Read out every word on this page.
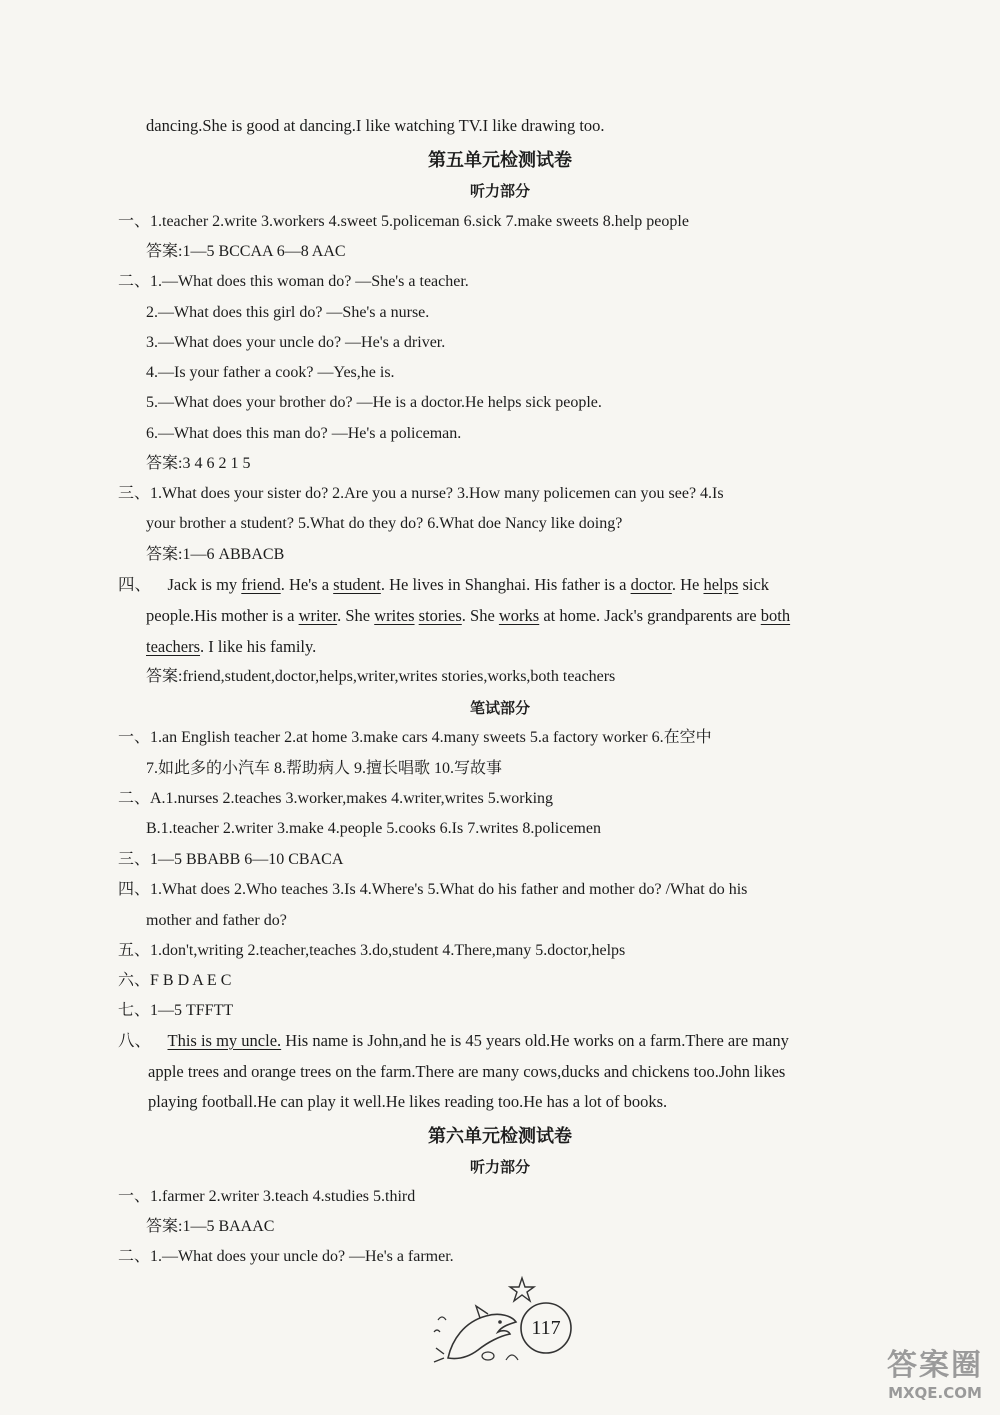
dancing.She is good at dancing.I like watching TV.I like drawing too.
第五单元检测试卷
听力部分
一、1.teacher 2.write 3.workers 4.sweet 5.policeman 6.sick 7.make sweets 8.help people
答案:1—5 BCCAA 6—8 AAC
二、1.—What does this woman do? —She's a teacher.
2.—What does this girl do? —She's a nurse.
3.—What does your uncle do? —He's a driver.
4.—Is your father a cook? —Yes,he is.
5.—What does your brother do? —He is a doctor.He helps sick people.
6.—What does this man do? —He's a policeman.
答案:3 4 6 2 1 5
三、1.What does your sister do? 2.Are you a nurse? 3.How many policemen can you see? 4.Is
your brother a student? 5.What do they do? 6.What doe Nancy like doing?
答案:1—6 ABBACB
四、 Jack is my friend. He's a student. He lives in Shanghai. His father is a doctor. He helps sick
people.His mother is a writer. She writes stories. She works at home. Jack's grandparents are both
teachers. I like his family.
答案:friend,student,doctor,helps,writer,writes stories,works,both teachers
笔试部分
一、1.an English teacher 2.at home 3.make cars 4.many sweets 5.a factory worker 6.在空中
7.如此多的小汽车 8.帮助病人 9.擅长唱歌 10.写故事
二、A.1.nurses 2.teaches 3.worker,makes 4.writer,writes 5.working
B.1.teacher 2.writer 3.make 4.people 5.cooks 6.Is 7.writes 8.policemen
三、1—5 BBABB 6—10 CBACA
四、1.What does 2.Who teaches 3.Is 4.Where's 5.What do his father and mother do? /What do his
mother and father do?
五、1.don't,writing 2.teacher,teaches 3.do,student 4.There,many 5.doctor,helps
六、F B D A E C
七、1—5 TFFTT
八、 This is my uncle. His name is John,and he is 45 years old.He works on a farm.There are many
apple trees and orange trees on the farm.There are many cows,ducks and chickens too.John likes
playing football.He can play it well.He likes reading too.He has a lot of books.
第六单元检测试卷
听力部分
一、1.farmer 2.writer 3.teach 4.studies 5.third
答案:1—5 BAAAC
二、1.—What does your uncle do? —He's a farmer.
117
答案圈
MXQE.COM
